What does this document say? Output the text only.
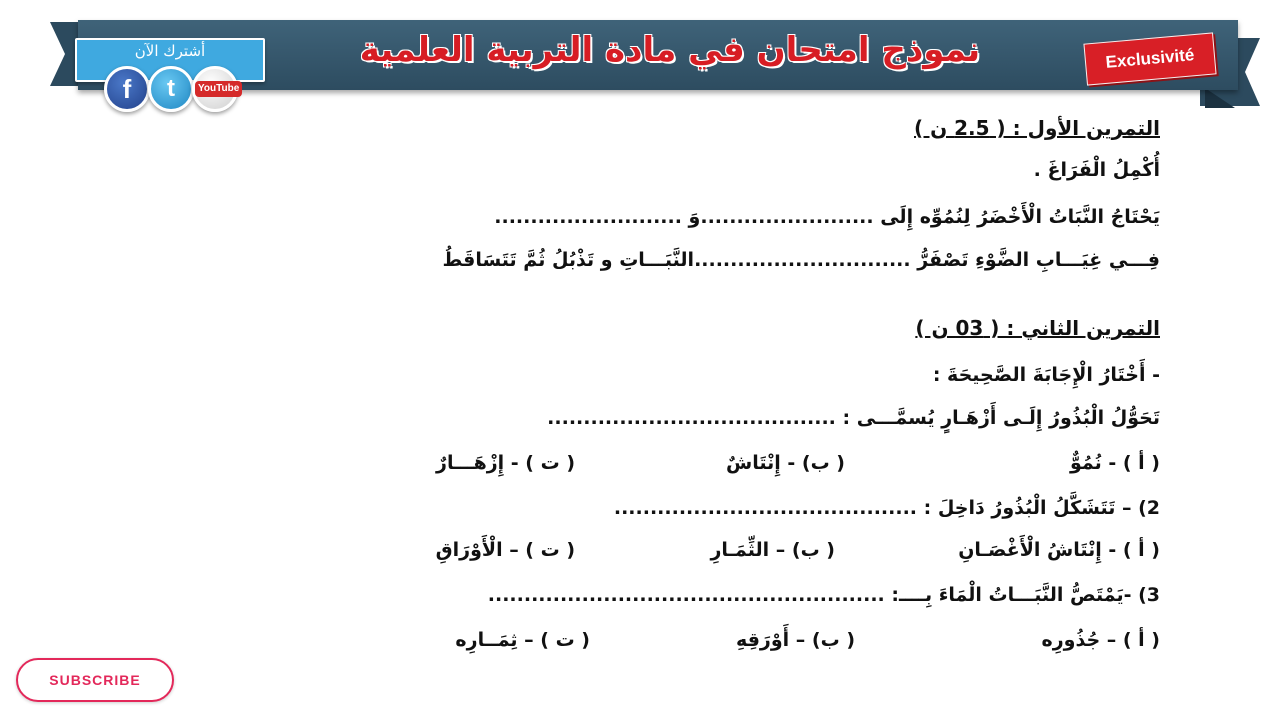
نموذج امتحان في مادة التربية العلمية
أشترك الآن
f	t	YouTube
Exclusivité
التمرين الأول : ( 2.5 ن )
أُكْمِلُ الْفَرَاغَ .
يَحْتَاجُ النَّبَاتُ الْأَخْضَرُ لِنُمُوِّه إِلَى ........................وَ ..........................
فِـــي غِيَـــابِ الضَّوْءِ تَصْفَرُّ ..............................النَّبَـــاتِ و تَذْبُلُ ثُمَّ تَتَسَاقَطُ
التمرين الثاني : ( 03 ن )
- أَخْتَارُ الْإِجَابَةَ الصَّحِيحَةَ :
تَحَوُّلُ الْبُذُورُ إِلَـى أَزْهَـارٍ يُسمَّـــى : ........................................
( أ ) - نُمُوٌّ
( ب) - إِنْتَاشٌ
( ت ) - إِزْهَـــارٌ
2) – تَتَشَكَّلُ الْبُذُورُ دَاخِلَ : ..........................................
( أ ) - إِنْتَاشُ الْأَغْصَـانِ
( ب) – الثِّمَـارِ
( ت ) – الْأَوْرَاقِ
3) -يَمْتَصُّ النَّبَـــاتُ الْمَاءَ بِــــ: .......................................................
( أ ) – جُذُورِه
( ب) – أَوْرَقِهِ
( ت ) – ثِمَــارِه
SUBSCRIBE
